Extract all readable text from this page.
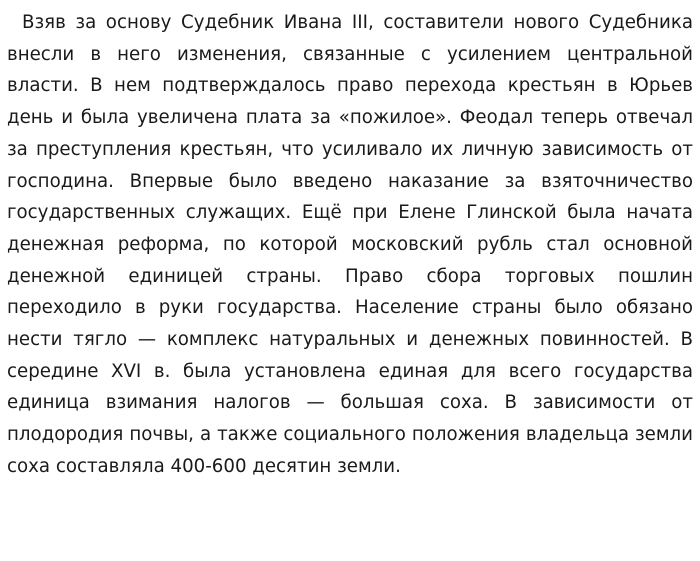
Взяв за основу Судебник Ивана III, составители нового Судебника внесли в него изменения, связанные с усилением центральной власти. В нем подтверждалось право перехода крестьян в Юрьев день и была увеличена плата за «пожилое». Феодал теперь отвечал за преступления крестьян, что усиливало их личную зависимость от господина. Впервые было введено наказание за взяточничество государственных служащих. Ещё при Елене Глинской была начата денежная реформа, по которой московский рубль стал основной денежной единицей страны. Право сбора торговых пошлин переходило в руки государства. Население страны было обязано нести тягло — комплекс натуральных и денежных повинностей. В середине XVI в. была установлена единая для всего государства единица взимания налогов — большая соха. В зависимости от плодородия почвы, а также социального положения владельца земли соха составляла 400-600 десятин земли.
